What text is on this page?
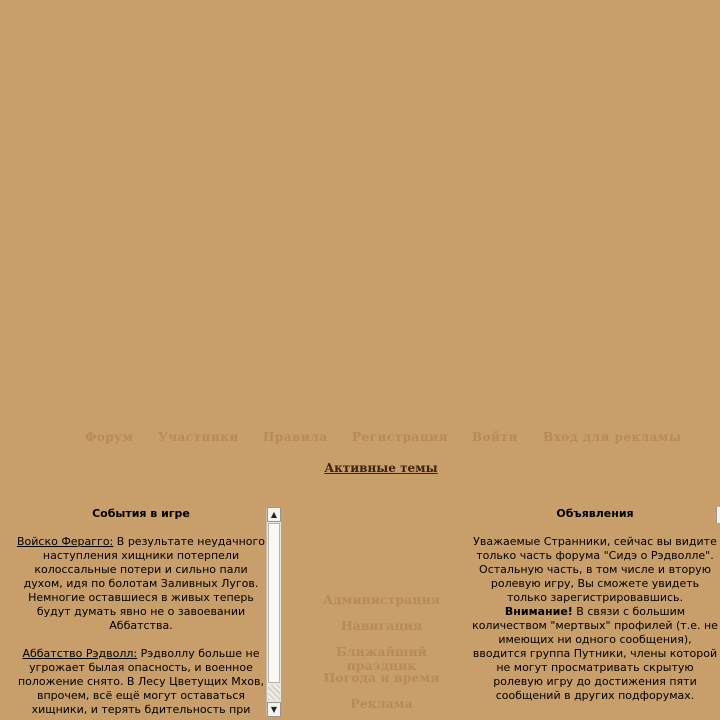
Форум Участники Правила Регистрация Войти Вход для рекламы
Активные темы
События в игре

Войско Ферагго: В результате неудачного наступления хищники потерпели колоссальные потери и сильно пали духом, идя по болотам Заливных Лугов. Немногие оставшиеся в живых теперь будут думать явно не о завоевании Аббатства.

Аббатство Рэдволл: Рэдволлу больше не угрожает былая опасность, и военное положение снято. В Лесу Цветущих Мхов, впрочем, всё ещё могут оставаться хищники, и терять бдительность при

▲
▼
Администрация
Навигация
Ближайший праздник
Погода и время
Реклама
Объявления
Уважаемые Странники, сейчас вы видите только часть форума "Сидэ о Рэдволле". Остальную часть, в том числе и вторую ролевую игру, Вы сможете увидеть только зарегистрировавшись.
Внимание! В связи с большим количеством "мертвых" профилей (т.е. не имеющих ни одного сообщения), вводится группа Путники, члены которой не могут просматривать скрытую ролевую игру до достижения пяти сообщений в других подфорумах.
